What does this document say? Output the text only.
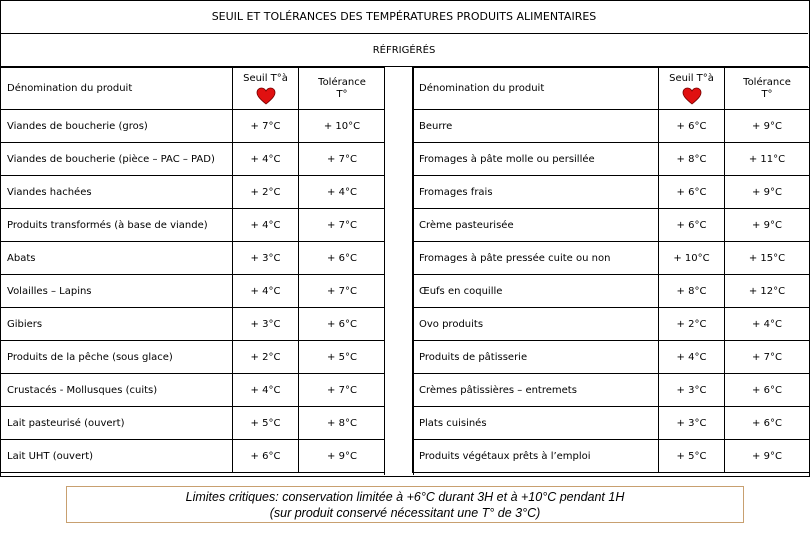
SEUIL ET TOLÉRANCES DES TEMPÉRATURES PRODUITS ALIMENTAIRES
RÉFRIGÉRÉS
Dénomination du produit	Seuil T°à	Tolérance
T°
Viandes de boucherie (gros)	+ 7°C	+ 10°C
Viandes de boucherie (pièce – PAC – PAD)	+ 4°C	+ 7°C
Viandes hachées	+ 2°C	+ 4°C
Produits transformés (à base de viande)	+ 4°C	+ 7°C
Abats	+ 3°C	+ 6°C
Volailles – Lapins	+ 4°C	+ 7°C
Gibiers	+ 3°C	+ 6°C
Produits de la pêche (sous glace)	+ 2°C	+ 5°C
Crustacés - Mollusques (cuits)	+ 4°C	+ 7°C
Lait pasteurisé (ouvert)	+ 5°C	+ 8°C
Lait UHT (ouvert)	+ 6°C	+ 9°C
Dénomination du produit	Seuil T°à	Tolérance
T°
Beurre	+ 6°C	+ 9°C
Fromages à pâte molle ou persillée	+ 8°C	+ 11°C
Fromages frais	+ 6°C	+ 9°C
Crème pasteurisée	+ 6°C	+ 9°C
Fromages à pâte pressée cuite ou non	+ 10°C	+ 15°C
Œufs en coquille	+ 8°C	+ 12°C
Ovo produits	+ 2°C	+ 4°C
Produits de pâtisserie	+ 4°C	+ 7°C
Crèmes pâtissières – entremets	+ 3°C	+ 6°C
Plats cuisinés	+ 3°C	+ 6°C
Produits végétaux prêts à l’emploi	+ 5°C	+ 9°C
Limites critiques: conservation limitée à +6°C durant 3H et à +10°C pendant 1H
(sur produit conservé nécessitant une T° de 3°C)
